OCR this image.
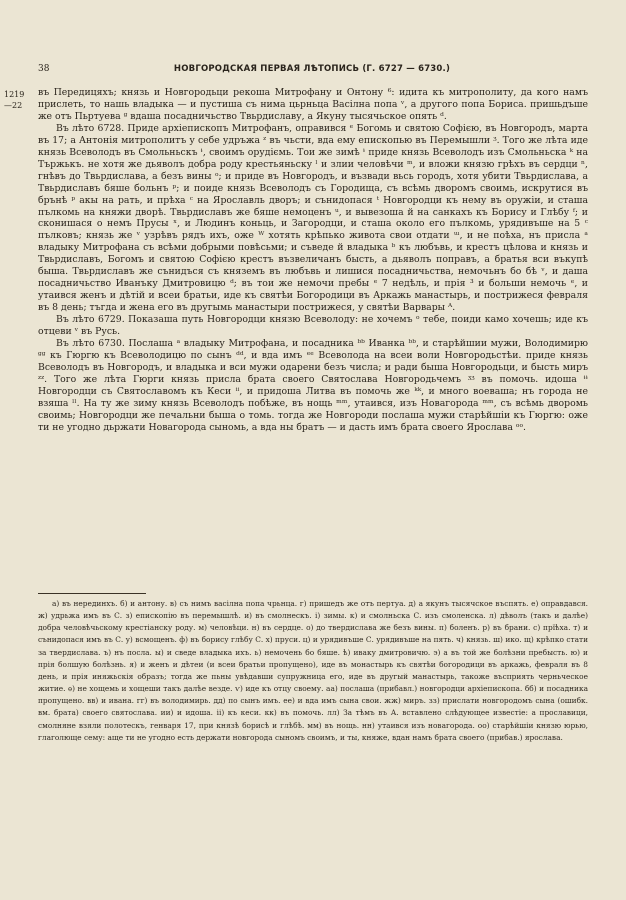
38	НОВГОРОДСКАЯ ПЕРВАЯ ЛѢТОПИСЬ (Г. 6727 — 6730.)
1219
—22

въ Передицяхъ; князь и Новгородьци рекоша Митрофану и Онтону ⁶: идита къ митрополиту, да кого намъ прислеть, то нашь владыка — и пустиша съ нима цьрньца Васілна попа ᵛ, а другого попа Бориса. пришьдъше же отъ Пьртуева ᵍ вдаша посадничьство Твьрдиславу, а Якуну тысячьское опять ᵈ.

Въ лѣто 6728. Приде архіепископъ Митрофанъ, оправився ᵉ Богомь и святою Софією, въ Новгородъ, марта въ 17; а Антонія митрополитъ у себе удръжа ᶻ въ чьсти, вда ему епископью въ Перемышли ᶾ. Того же лѣта иде князь Всеволодъ въ Смольньскъ ᶤ, своимъ орудіємь. Тои же зимѣ ᶤ приде князь Всеволодъ изъ Смольньска ᵏ на Тържькъ. не хотя же дьяволъ добра роду крестьяньску ˡ и злии человѣчи ᵐ, и вложи князю грѣхъ въ сердци ⁿ, гнѣвъ до Твьрдислава, а безъ вины ᵒ; и приде въ Новгородъ, и възвади вьсь городъ, хотя убити Твьрдислава, а Твьрдиславъ бяше больнъ ᵖ; и поиде князь Всеволодъ съ Городища, съ всѣмь дворомъ своимь, искрутися въ брънѣ ᵖ акы на рать, и прѣха ᶜ на Ярославль дворъ; и сънидопася ᵗ Новгородци къ нему въ оружіи, и сташа пълкомь на княжи дворѣ. Твьрдиславъ же бяше немоценъ ᵘ, и вывезоша й на санкахъ къ Борису и Глѣбу ᶠ; и сконишася о немъ Прусы ˣ, и Людинъ коньць, и Загородци, и сташа около его пълкомь, урядивъше на 5 ᶜ пълковъ; князь же ᵛ узрѣвъ рядъ ихъ, оже ᵂ хотять крѣпько живота свои отдати ᵚ, и не поѣха, нъ присла ᵃ владыку Митрофана съ всѣми добрыми повѣсьми; и съведе й владыка ᵇ къ любъвь, и крестъ цѣлова и князь и Твьрдиславъ, Богомъ и святою Софією крестъ възвеличанъ бысть, а дьяволъ поправъ, а братья вси въкупѣ быша. Твьрдиславъ же сънидъся съ княземъ въ любъвь и лишися посадничьства, немочьнъ бо бѣ ᵛ, и даша посадничьство Иванъку Дмитровицю ᵈ; въ тои же немочи пребы ᵉ 7 недѣль, и прія ³ и больши немочь ᵉ, и утаився женъ и дѣтій и всеи братьи, иде къ святѣи Богородици въ Аркажь манастырь, и пострижеся февраля въ 8 день; тъгда и жена его въ другымь манастыри пострижеся, у святѣи Варвары ᴬ.

Въ лѣто 6729. Показаша путь Новгородци князю Всеволоду: не хочемъ ᵒ тебе, поиди камо хочешь; иде къ отцеви ᵛ въ Русь.

Въ лѣто 6730. Послаша ᵃ владыку Митрофана, и посадника ᵇᵇ Иванка ᵇᵇ, и старѣйшии мужи, Володимирю ᵍᵍ къ Гюргю къ Всеволодицю по сынъ ᵈᵈ, и вда имъ ᵉᵉ Всеволода на всеи воли Новгородьстѣи. приде князь Всеволодъ въ Новгородъ, и владыка и вси мужи одарени безъ числа; и ради быша Новгородьци, и бысть миръ ᶻᶻ. Того же лѣта Гюрги князь присла брата своего Святослава Новгородьчемъ ᶾᶾ въ помочь. идоша ᶤᶤ Новгородци съ Святославомъ къ Кеси ⁱⁱ, и придоша Литва въ помочь же ᵏᵏ, и много воеваша; нъ города не взяша ˡˡ. На ту же зиму князь Всеволодъ побѣже, въ нощь ᵐᵐ, утаився, изъ Новагорода ᵐᵐ, съ всѣмь дворомь своимь; Новгородци же печальни быша о томь. тогда же Новгороди послаша мужи старѣйшіи къ Гюргю: оже ти не угодно дьржати Новагорода сыномь, а вда ны братъ — и дасть имъ брата своего Ярослава ᵒᵒ.

а) въ нерединхъ. б) и антону. в) съ нимъ васілна попа чрьнца. г) пришедъ же отъ пертуа. д) а якунъ тысячское въспять. е) оправдався. ж) удрьжа имъ въ С. з) епископію въ перемышлѣ. и) въ смолнескъ. і) зимы. к) и смолньска С. изъ смоленска. л) дѣволъ (такъ и далѣе) добра человѣчьскому крестіанску роду. м) человѣци. н) въ сердце. о) до твердислава же безъ вины. п) боленъ. р) въ брани. с) прїѣха. т) и сънидопася имъ въ С. у) всмощенъ. ф) въ борису глѣбу С. х) пруси. ц) и урядивъше С. урядивъше на пять. ч) князь. ш) ико. щ) крѣпко стати за твердислава. ъ) нъ посла. ы) и сведе владыка ихъ. ь) немочень бо бяше. ѣ) иваку дмитровичю. э) а въ той же болѣзни пребысть. ю) и прія болшую болѣзнь. я) и женъ и дѣтеи (и всеи братьи пропущено), иде въ монастырь къ святѣи богородици въ аркажь, февраля въ 8 день, и прія иняжьскія образъ; тогда же пьны увѣдавши супружница его, иде въ другый манастырь, такоже въсприять черньческое житие. ѳ) не хощемь и хощеши такъ далѣе везде. ѵ) иде къ отцу своему. аа) послаша (прибавл.) новгородци архіепископа. бб) и посадника пропущено. вв) и ивана. гг) въ володимирь. дд) по сынъ имъ. ее) и вда имъ сына свои. жж) миръ. зз) прислати новгородомъ сына (ошибк. вм. брата) своего святослава. ии) и идоша. іі) къ кеси. кк) въ помочь. лл) За тѣмъ въ А. вставлено слѣдующее известіе: а прославици, смолняне взяли полотескъ, генваря 17, при князѣ борисѣ и глѣбѣ. мм) въ нощь. нн) утаився изъ новагорода. оо) старѣйшіи князю юрью, глаголюще сему: аще ти не угодно есть держати новгорода сыномъ своимъ, и ты, княже, вдан намъ брата своего (прибав.) ярослава.
